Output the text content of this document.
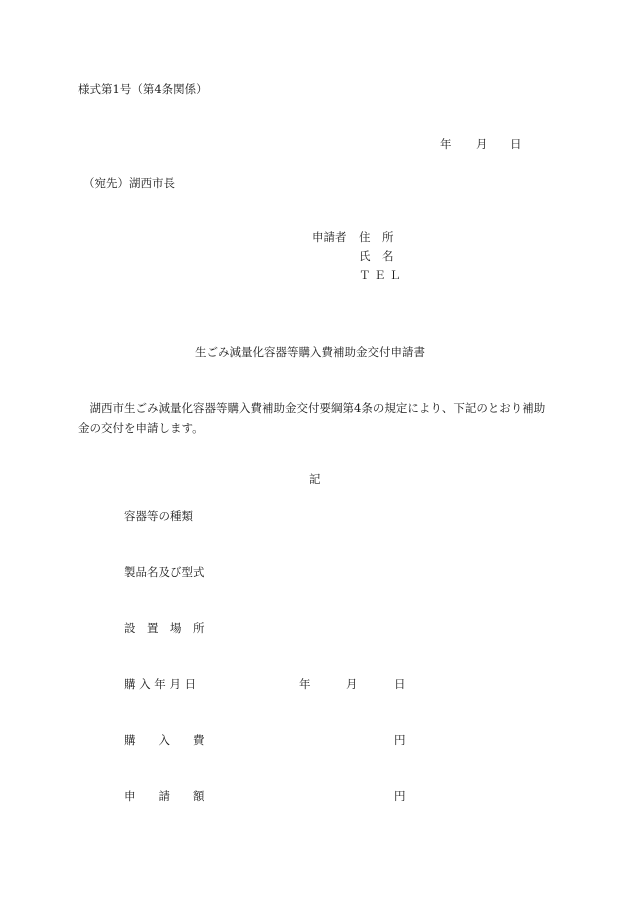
様式第1号（第4条関係）
年 月 日
（宛先）湖西市長
申請者 住　所
氏　名
Ｔ Ｅ Ｌ
生ごみ減量化容器等購入費補助金交付申請書
湖西市生ごみ減量化容器等購入費補助金交付要綱第4条の規定により、下記のとおり補助金の交付を申請します。
記
容器等の種類
製品名及び型式
設　置　場　所
購 入 年 月 日	年	月	日
購　　入　　費	円
申　　請　　額	円
